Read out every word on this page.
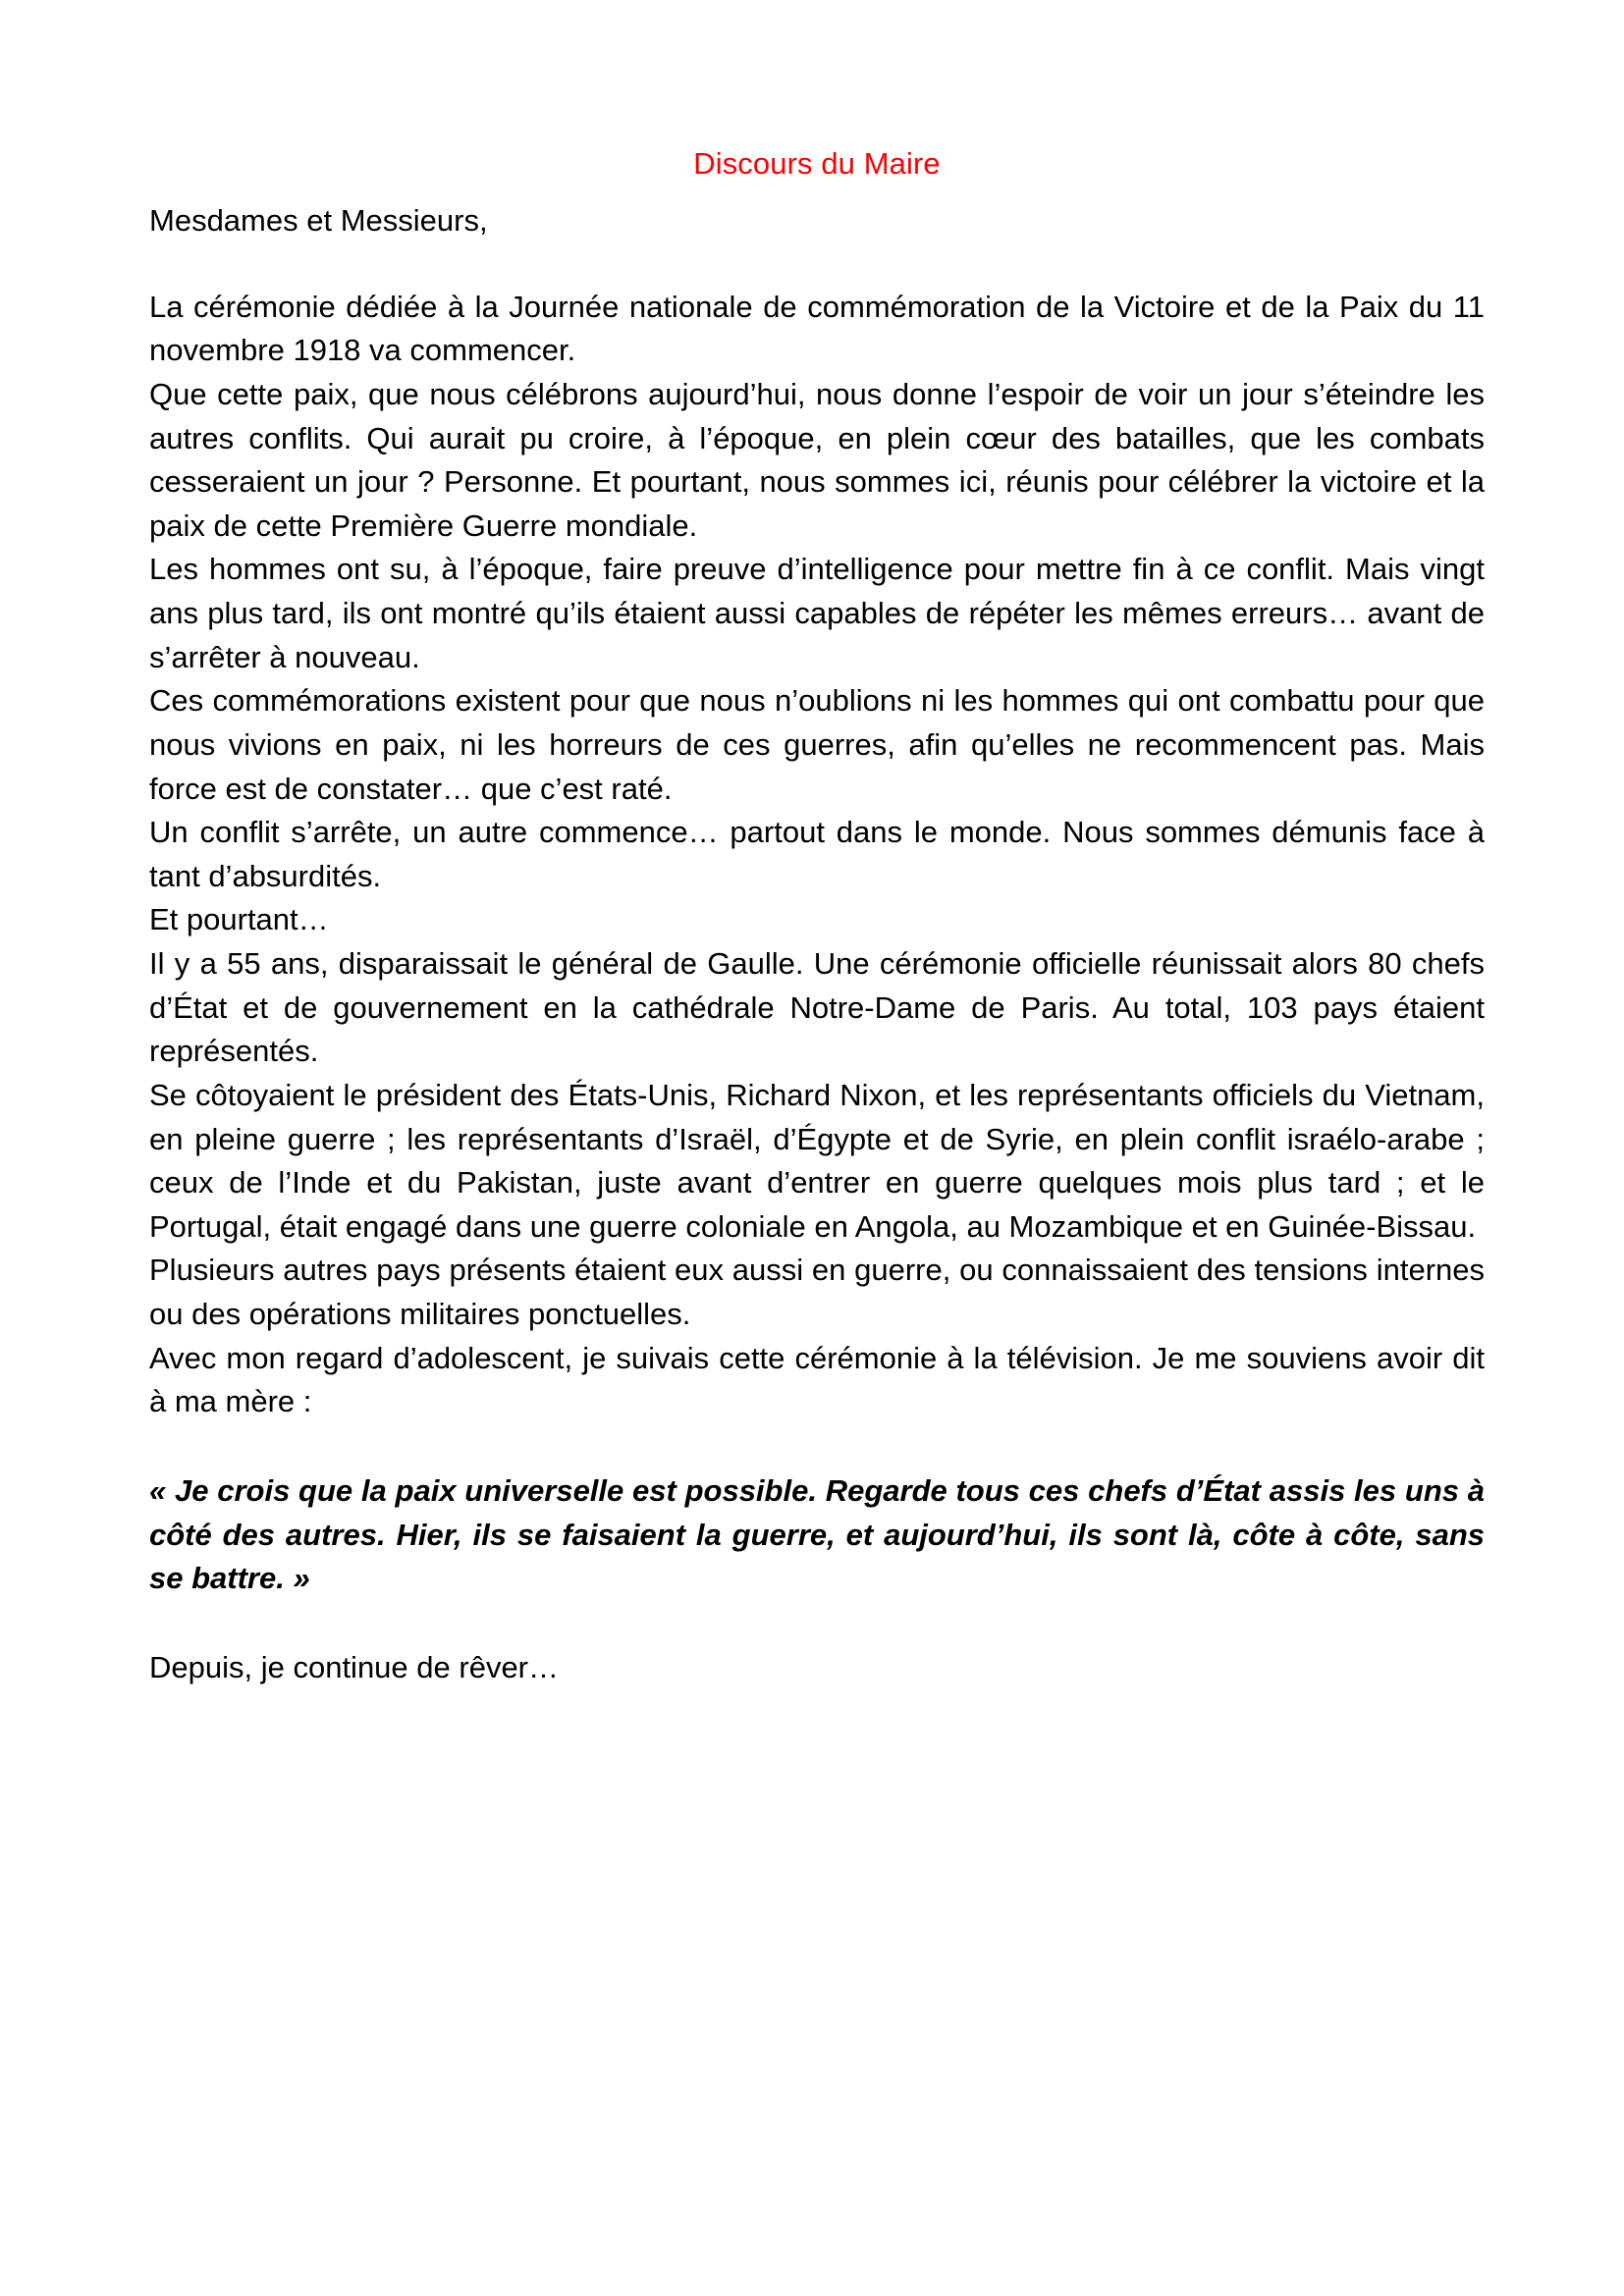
Discours du Maire
Mesdames et Messieurs,

La cérémonie dédiée à la Journée nationale de commémoration de la Victoire et de la Paix du 11 novembre 1918 va commencer.

Que cette paix, que nous célébrons aujourd’hui, nous donne l’espoir de voir un jour s’éteindre les autres conflits. Qui aurait pu croire, à l’époque, en plein cœur des batailles, que les combats cesseraient un jour ? Personne. Et pourtant, nous sommes ici, réunis pour célébrer la victoire et la paix de cette Première Guerre mondiale.

Les hommes ont su, à l’époque, faire preuve d’intelligence pour mettre fin à ce conflit. Mais vingt ans plus tard, ils ont montré qu’ils étaient aussi capables de répéter les mêmes erreurs… avant de s’arrêter à nouveau.

Ces commémorations existent pour que nous n’oublions ni les hommes qui ont combattu pour que nous vivions en paix, ni les horreurs de ces guerres, afin qu’elles ne recommencent pas. Mais force est de constater… que c’est raté.

Un conflit s’arrête, un autre commence… partout dans le monde. Nous sommes démunis face à tant d’absurdités.

Et pourtant…

Il y a 55 ans, disparaissait le général de Gaulle. Une cérémonie officielle réunissait alors 80 chefs d’État et de gouvernement en la cathédrale Notre-Dame de Paris. Au total, 103 pays étaient représentés.

Se côtoyaient le président des États-Unis, Richard Nixon, et les représentants officiels du Vietnam, en pleine guerre ; les représentants d’Israël, d’Égypte et de Syrie, en plein conflit israélo-arabe ; ceux de l’Inde et du Pakistan, juste avant d’entrer en guerre quelques mois plus tard ; et le Portugal, était engagé dans une guerre coloniale en Angola, au Mozambique et en Guinée-Bissau.

Plusieurs autres pays présents étaient eux aussi en guerre, ou connaissaient des tensions internes ou des opérations militaires ponctuelles.

Avec mon regard d’adolescent, je suivais cette cérémonie à la télévision. Je me souviens avoir dit à ma mère :

« Je crois que la paix universelle est possible. Regarde tous ces chefs d’État assis les uns à côté des autres. Hier, ils se faisaient la guerre, et aujourd’hui, ils sont là, côte à côte, sans se battre. »

Depuis, je continue de rêver…
